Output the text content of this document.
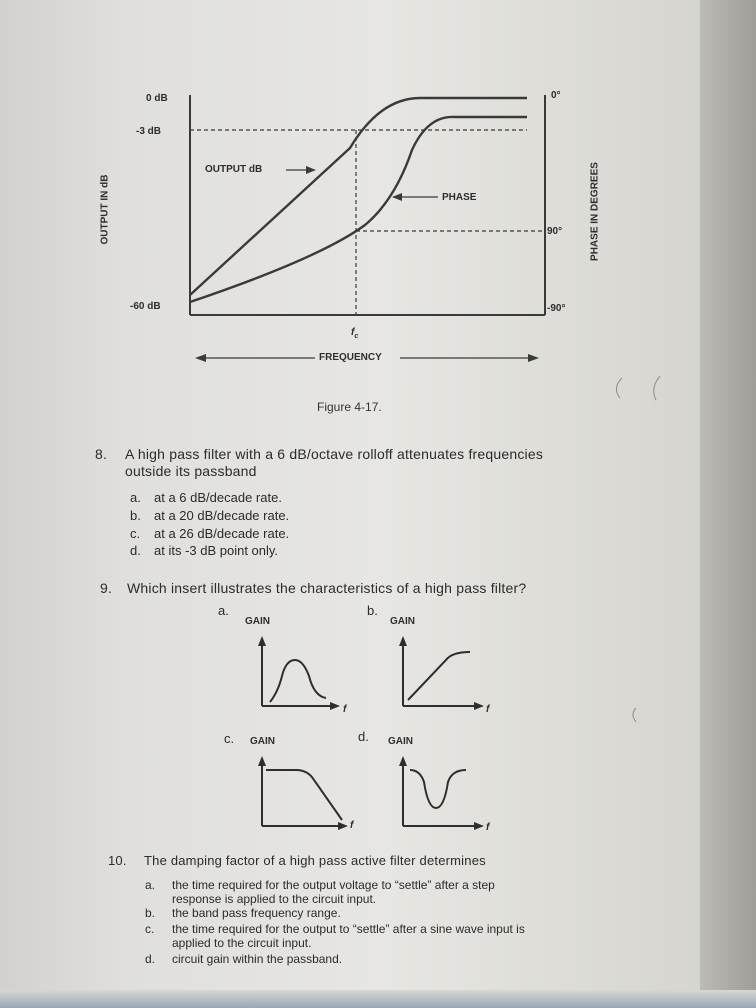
0 dB
-3 dB
-60 dB
OUTPUT IN dB
0°
90°
-90°
PHASE IN DEGREES
OUTPUT dB
PHASE
$f_c$
FREQUENCY
Figure 4-17.
8. A high pass filter with a 6 dB/octave rolloff attenuates frequencies
outside its passband
a. at a 6 dB/decade rate.
b. at a 20 dB/decade rate.
c. at a 26 dB/decade rate.
d. at its -3 dB point only.
9. Which insert illustrates the characteristics of a high pass filter?
a.
GAIN
f
b.
GAIN
f
c. GAIN
f
d. GAIN
f
10. The damping factor of a high pass active filter determines
a. the time required for the output voltage to “settle” after a step
response is applied to the circuit input.
b. the band pass frequency range.
c. the time required for the output to “settle” after a sine wave input is
applied to the circuit input.
d. circuit gain within the passband.
